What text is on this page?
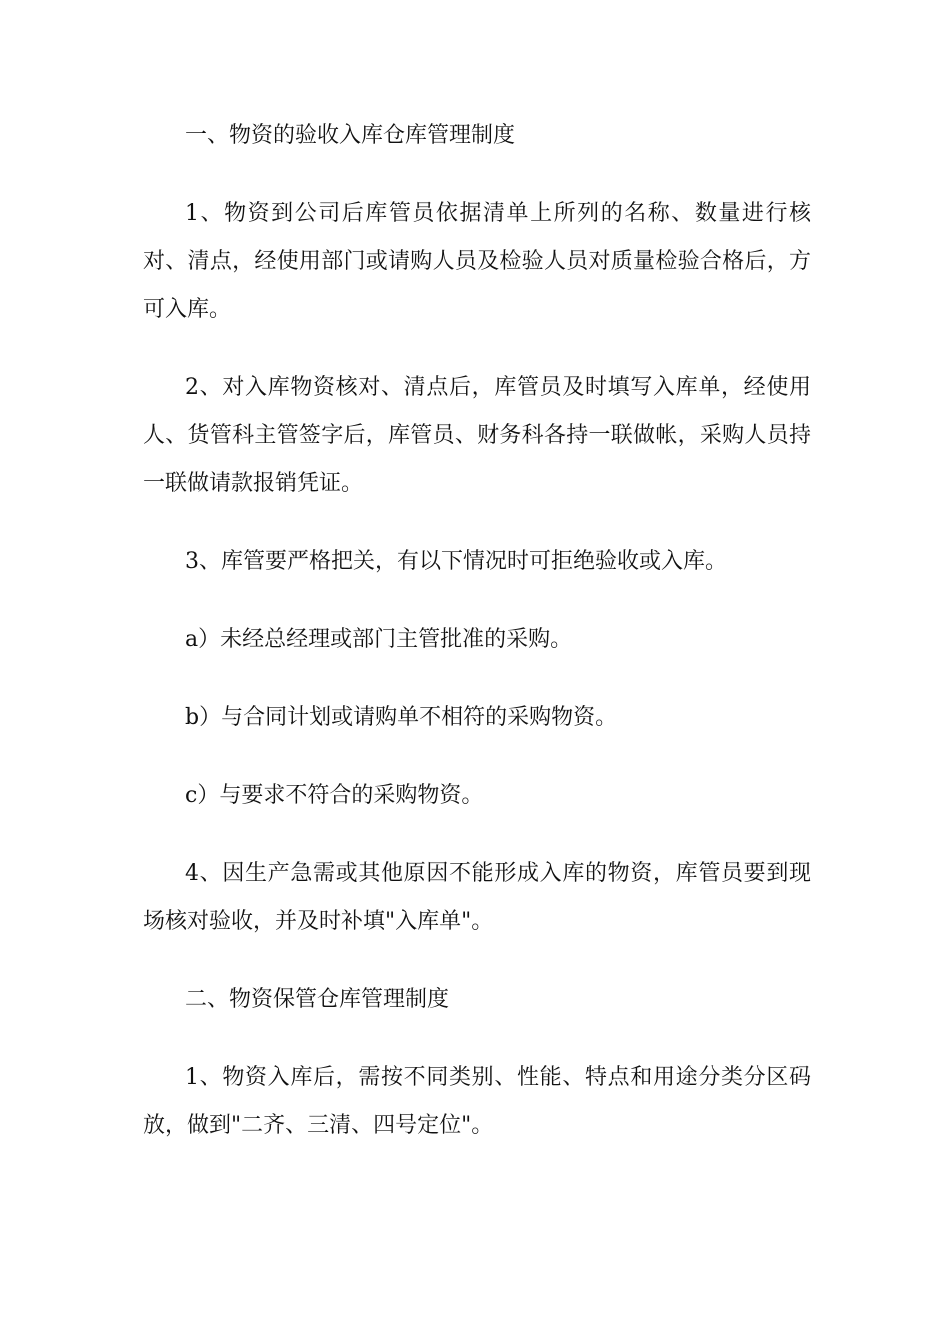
一、物资的验收入库仓库管理制度

1、物资到公司后库管员依据清单上所列的名称、数量进行核对、清点，经使用部门或请购人员及检验人员对质量检验合格后，方可入库。

2、对入库物资核对、清点后，库管员及时填写入库单，经使用人、货管科主管签字后，库管员、财务科各持一联做帐，采购人员持一联做请款报销凭证。

3、库管要严格把关，有以下情况时可拒绝验收或入库。

a）未经总经理或部门主管批准的采购。

b）与合同计划或请购单不相符的采购物资。

c）与要求不符合的采购物资。

4、因生产急需或其他原因不能形成入库的物资，库管员要到现场核对验收，并及时补填"入库单"。

二、物资保管仓库管理制度

1、物资入库后，需按不同类别、性能、特点和用途分类分区码放，做到"二齐、三清、四号定位"。
